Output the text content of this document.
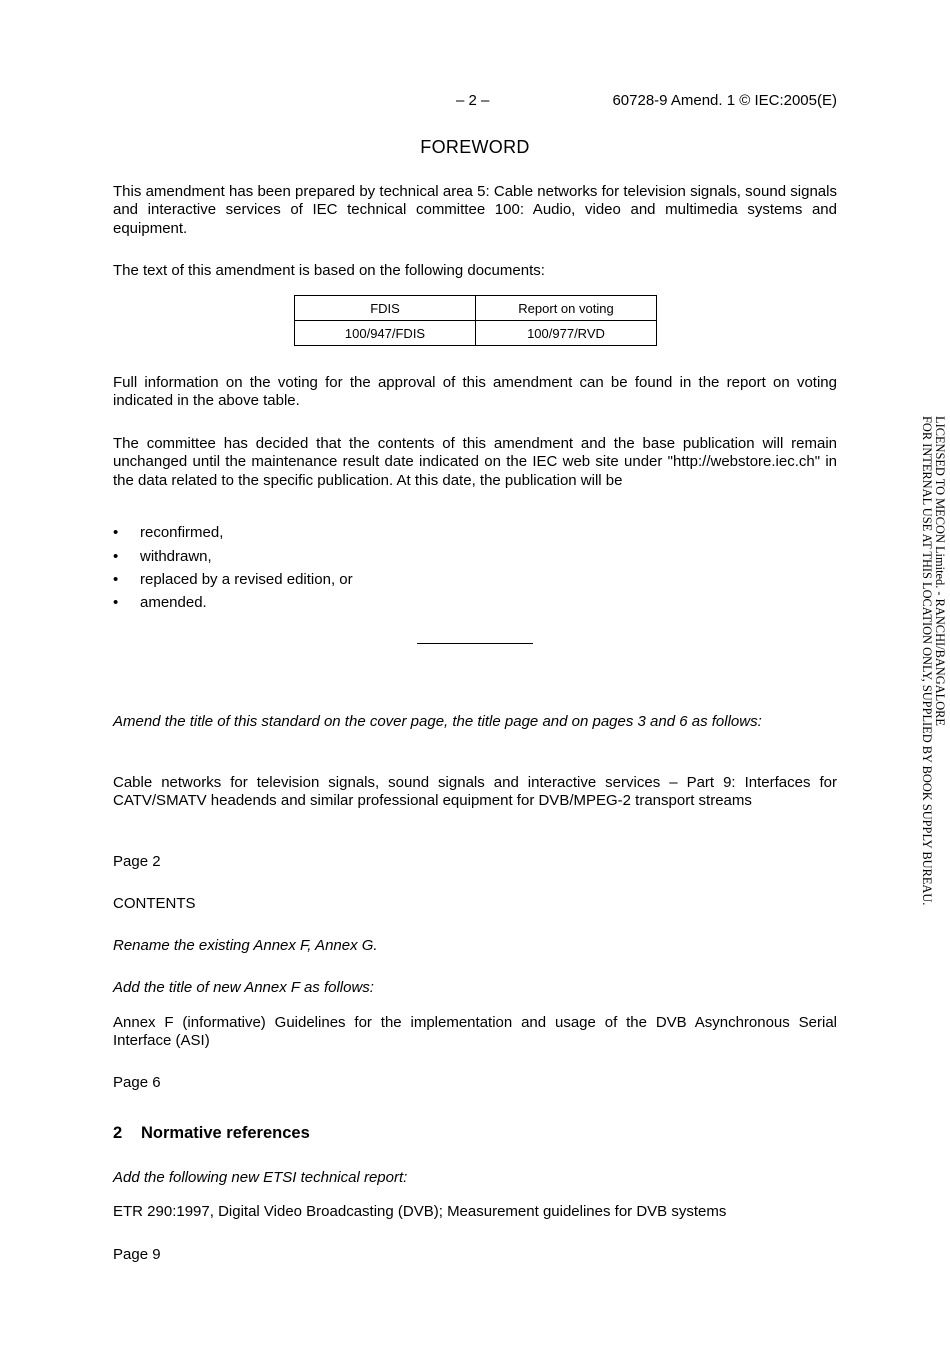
– 2 –	60728-9 Amend. 1 © IEC:2005(E)
FOREWORD
This amendment has been prepared by technical area 5: Cable networks for television signals, sound signals and interactive services of IEC technical committee 100: Audio, video and multimedia systems and equipment.
The text of this amendment is based on the following documents:
FDIS	Report on voting
100/947/FDIS	100/977/RVD
Full information on the voting for the approval of this amendment can be found in the report on voting indicated in the above table.
The committee has decided that the contents of this amendment and the base publication will remain unchanged until the maintenance result date indicated on the IEC web site under "http://webstore.iec.ch" in the data related to the specific publication. At this date, the publication will be
• reconfirmed,
• withdrawn,
• replaced by a revised edition, or
• amended.
Amend the title of this standard on the cover page, the title page and on pages 3 and 6 as follows:
Cable networks for television signals, sound signals and interactive services – Part 9: Interfaces for CATV/SMATV headends and similar professional equipment for DVB/MPEG-2 transport streams
Page 2
CONTENTS
Rename the existing Annex F, Annex G.
Add the title of new Annex F as follows:
Annex F (informative) Guidelines for the implementation and usage of the DVB Asynchronous Serial Interface (ASI)
Page 6
2 Normative references
Add the following new ETSI technical report:
ETR 290:1997, Digital Video Broadcasting (DVB); Measurement guidelines for DVB systems
Page 9
LICENSED TO MECON Limited. - RANCHI/BANGALORE
FOR INTERNAL USE AT THIS LOCATION ONLY, SUPPLIED BY BOOK SUPPLY BUREAU.
